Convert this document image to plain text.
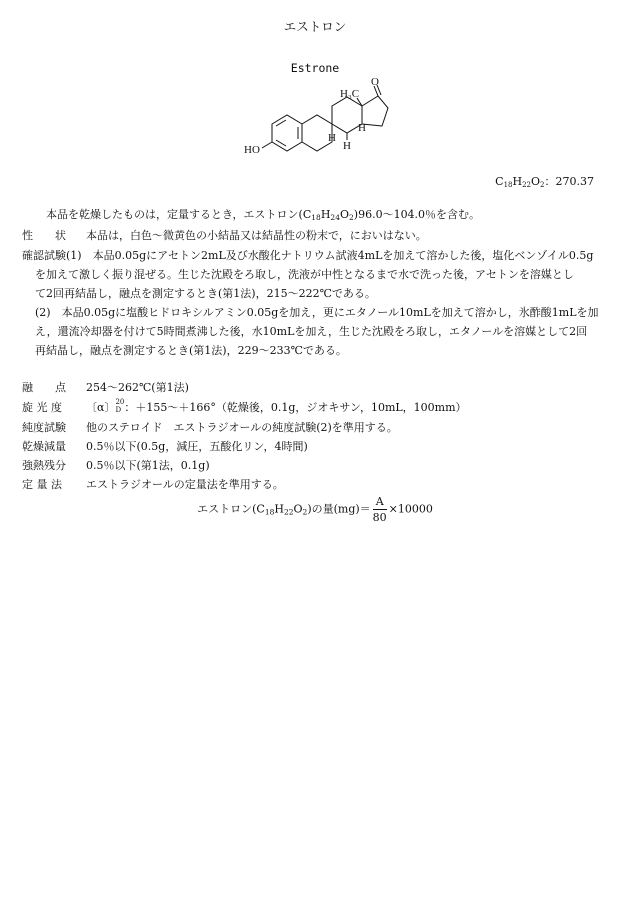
エストロン
Estrone
O
H₃C
H
H
H
HO
$C_{18}H_{22}O_2$：270.37
本品を乾燥したものは，定量するとき，エストロン$(C_{18}H_{24}O_2)96.0\sim 104.0$％を含む。
性　　状 本品は，白色～微黄色の小結晶又は結晶性の粉末で，においはない。
確認試験(1)　 本品0.05gにアセトン2mL及び水酸化ナトリウム試液4mLを加えて溶かした後，塩化ベンゾイル0.5g
を加えて激しく振り混ぜる。生じた沈殿をろ取し，洗液が中性となるまで水で洗った後，アセトンを溶媒とし
て2回再結晶し，融点を測定するとき(第1法)，215～222℃である。
(2)　 本品0.05gに塩酸ヒドロキシルアミン0.05gを加え，更にエタノール10mLを加えて溶かし，氷酢酸1mLを加
え，還流冷却器を付けて5時間煮沸した後，水10mLを加え，生じた沈殿をろ取し，エタノールを溶媒として2回
再結晶し，融点を測定するとき(第1法)，229～233℃である。
融　　点 254～262℃(第1法)
旋 光 度 〔α〕 20
D ：＋155～＋166°（乾燥後，0.1g，ジオキサン，10mL，100mm）
純度試験 他のステロイド　エストラジオールの純度試験(2)を準用する。
乾燥減量 0.5％以下(0.5g，減圧，五酸化リン，4時間)
強熱残分 0.5％以下(第1法，0.1g)
定 量 法 エストラジオールの定量法を準用する。
エストロン$(C_{18}H_{22}O_2)$の量$(mg)= \frac{A}{80} \times 10000$
